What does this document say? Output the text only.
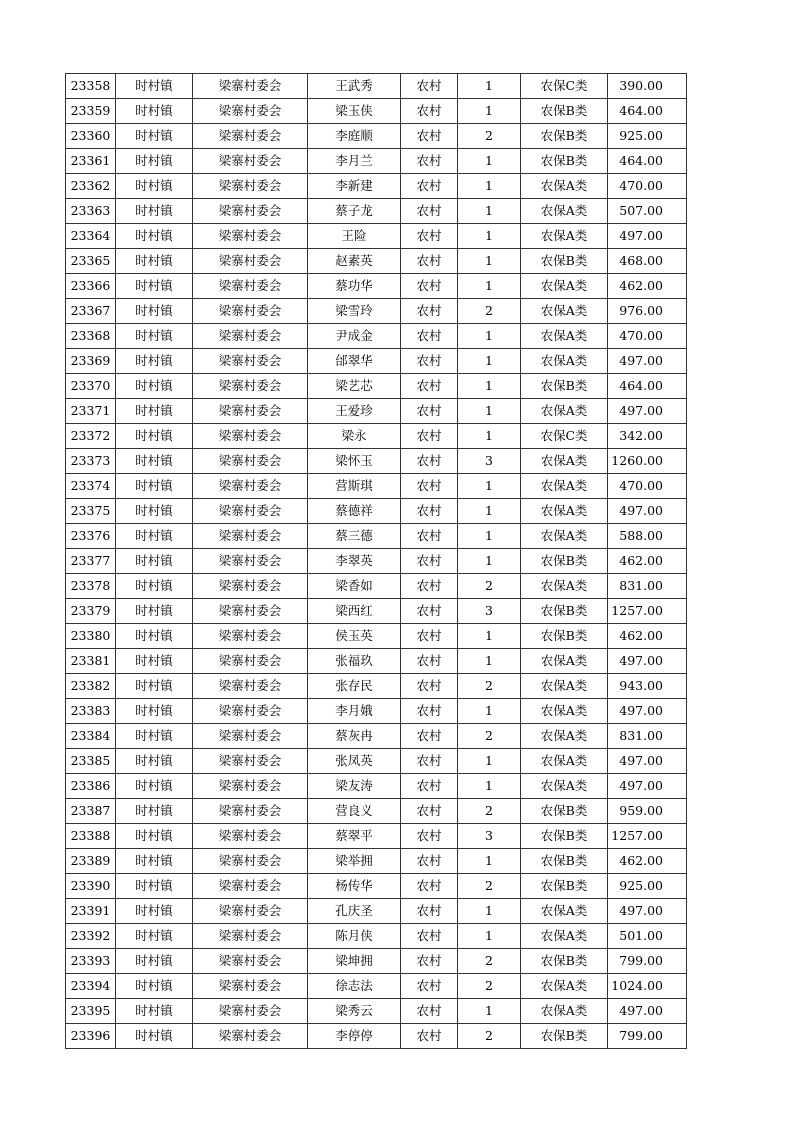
23358	时村镇	梁寨村委会	王武秀	农村	1	农保C类	390.00
23359	时村镇	梁寨村委会	梁玉侠	农村	1	农保B类	464.00
23360	时村镇	梁寨村委会	李庭顺	农村	2	农保B类	925.00
23361	时村镇	梁寨村委会	李月兰	农村	1	农保B类	464.00
23362	时村镇	梁寨村委会	李新建	农村	1	农保A类	470.00
23363	时村镇	梁寨村委会	蔡子龙	农村	1	农保A类	507.00
23364	时村镇	梁寨村委会	王险	农村	1	农保A类	497.00
23365	时村镇	梁寨村委会	赵素英	农村	1	农保B类	468.00
23366	时村镇	梁寨村委会	蔡功华	农村	1	农保A类	462.00
23367	时村镇	梁寨村委会	梁雪玲	农村	2	农保A类	976.00
23368	时村镇	梁寨村委会	尹成金	农村	1	农保A类	470.00
23369	时村镇	梁寨村委会	邰翠华	农村	1	农保A类	497.00
23370	时村镇	梁寨村委会	梁艺芯	农村	1	农保B类	464.00
23371	时村镇	梁寨村委会	王爱珍	农村	1	农保A类	497.00
23372	时村镇	梁寨村委会	梁永	农村	1	农保C类	342.00
23373	时村镇	梁寨村委会	梁怀玉	农村	3	农保A类	1260.00
23374	时村镇	梁寨村委会	营斯琪	农村	1	农保A类	470.00
23375	时村镇	梁寨村委会	蔡德祥	农村	1	农保A类	497.00
23376	时村镇	梁寨村委会	蔡三德	农村	1	农保A类	588.00
23377	时村镇	梁寨村委会	李翠英	农村	1	农保B类	462.00
23378	时村镇	梁寨村委会	梁香如	农村	2	农保A类	831.00
23379	时村镇	梁寨村委会	梁西红	农村	3	农保B类	1257.00
23380	时村镇	梁寨村委会	侯玉英	农村	1	农保B类	462.00
23381	时村镇	梁寨村委会	张福玖	农村	1	农保A类	497.00
23382	时村镇	梁寨村委会	张存民	农村	2	农保A类	943.00
23383	时村镇	梁寨村委会	李月娥	农村	1	农保A类	497.00
23384	时村镇	梁寨村委会	蔡灰冉	农村	2	农保A类	831.00
23385	时村镇	梁寨村委会	张凤英	农村	1	农保A类	497.00
23386	时村镇	梁寨村委会	梁友涛	农村	1	农保A类	497.00
23387	时村镇	梁寨村委会	营良义	农村	2	农保B类	959.00
23388	时村镇	梁寨村委会	蔡翠平	农村	3	农保B类	1257.00
23389	时村镇	梁寨村委会	梁举拥	农村	1	农保B类	462.00
23390	时村镇	梁寨村委会	杨传华	农村	2	农保B类	925.00
23391	时村镇	梁寨村委会	孔庆圣	农村	1	农保A类	497.00
23392	时村镇	梁寨村委会	陈月侠	农村	1	农保A类	501.00
23393	时村镇	梁寨村委会	梁坤拥	农村	2	农保B类	799.00
23394	时村镇	梁寨村委会	徐志法	农村	2	农保A类	1024.00
23395	时村镇	梁寨村委会	梁秀云	农村	1	农保A类	497.00
23396	时村镇	梁寨村委会	李停停	农村	2	农保B类	799.00
